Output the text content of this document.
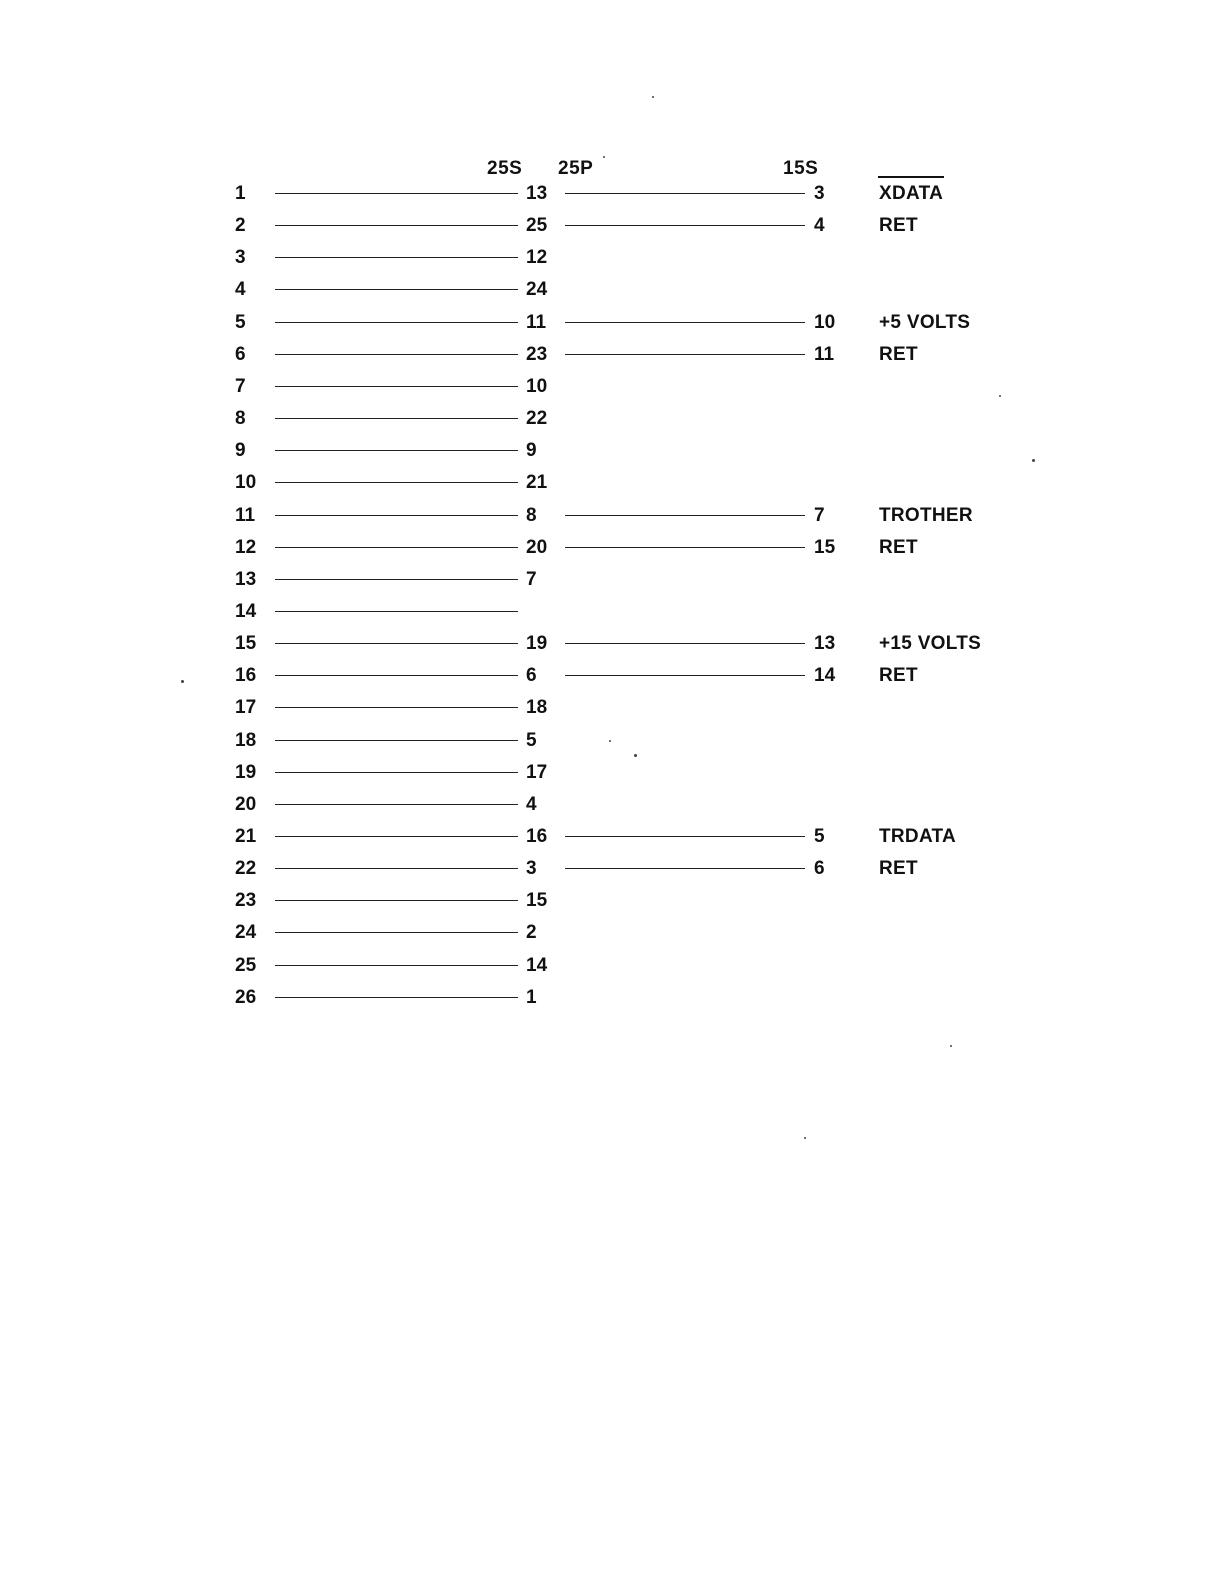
25S 25P	15S
1	13	3	XDATA
2	25	4	RET
3	12
4	24
5	11	10 +5 VOLTS
6	23	11 RET
7	10
8	22
9	9
10	21
11	8	7	TROTHER
12	20	15 RET
13	7
14
15	19	13 +15 VOLTS
16	6	14 RET
17	18
18	5
19	17
20	4
21	16	5	TRDATA
22	3	6	RET
23	15
24	2
25	14
26	1
